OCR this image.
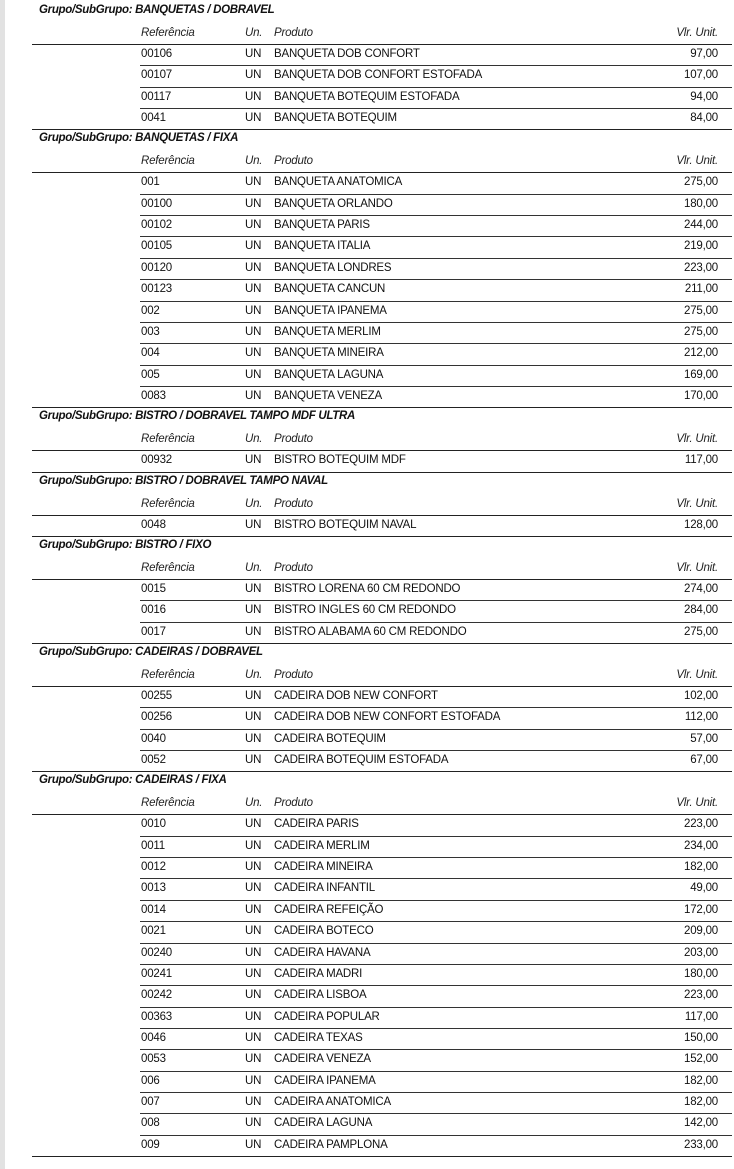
Grupo/SubGrupo: BANQUETAS / DOBRAVEL
Referência	Un. Produto	Vlr. Unit.
00106	UN BANQUETA DOB CONFORT	97,00
00107	UN BANQUETA DOB CONFORT ESTOFADA	107,00
00117	UN BANQUETA BOTEQUIM ESTOFADA	94,00
0041	UN BANQUETA BOTEQUIM	84,00
Grupo/SubGrupo: BANQUETAS / FIXA
Referência	Un. Produto	Vlr. Unit.
001	UN BANQUETA ANATOMICA	275,00
00100	UN BANQUETA ORLANDO	180,00
00102	UN BANQUETA PARIS	244,00
00105	UN BANQUETA ITALIA	219,00
00120	UN BANQUETA LONDRES	223,00
00123	UN BANQUETA CANCUN	211,00
002	UN BANQUETA IPANEMA	275,00
003	UN BANQUETA MERLIM	275,00
004	UN BANQUETA MINEIRA	212,00
005	UN BANQUETA LAGUNA	169,00
0083	UN BANQUETA VENEZA	170,00
Grupo/SubGrupo: BISTRO / DOBRAVEL TAMPO MDF ULTRA
Referência	Un. Produto	Vlr. Unit.
00932	UN BISTRO BOTEQUIM MDF	117,00
Grupo/SubGrupo: BISTRO / DOBRAVEL TAMPO NAVAL
Referência	Un. Produto	Vlr. Unit.
0048	UN BISTRO BOTEQUIM NAVAL	128,00
Grupo/SubGrupo: BISTRO / FIXO
Referência	Un. Produto	Vlr. Unit.
0015	UN BISTRO LORENA 60 CM REDONDO	274,00
0016	UN BISTRO INGLES 60 CM REDONDO	284,00
0017	UN BISTRO ALABAMA 60 CM REDONDO	275,00
Grupo/SubGrupo: CADEIRAS / DOBRAVEL
Referência	Un. Produto	Vlr. Unit.
00255	UN CADEIRA DOB NEW CONFORT	102,00
00256	UN CADEIRA DOB NEW CONFORT ESTOFADA	112,00
0040	UN CADEIRA BOTEQUIM	57,00
0052	UN CADEIRA BOTEQUIM ESTOFADA	67,00
Grupo/SubGrupo: CADEIRAS / FIXA
Referência	Un. Produto	Vlr. Unit.
0010	UN CADEIRA PARIS	223,00
0011	UN CADEIRA MERLIM	234,00
0012	UN CADEIRA MINEIRA	182,00
0013	UN CADEIRA INFANTIL	49,00
0014	UN CADEIRA REFEIÇÃO	172,00
0021	UN CADEIRA BOTECO	209,00
00240	UN CADEIRA HAVANA	203,00
00241	UN CADEIRA MADRI	180,00
00242	UN CADEIRA LISBOA	223,00
00363	UN CADEIRA POPULAR	117,00
0046	UN CADEIRA TEXAS	150,00
0053	UN CADEIRA VENEZA	152,00
006	UN CADEIRA IPANEMA	182,00
007	UN CADEIRA ANATOMICA	182,00
008	UN CADEIRA LAGUNA	142,00
009	UN CADEIRA PAMPLONA	233,00
